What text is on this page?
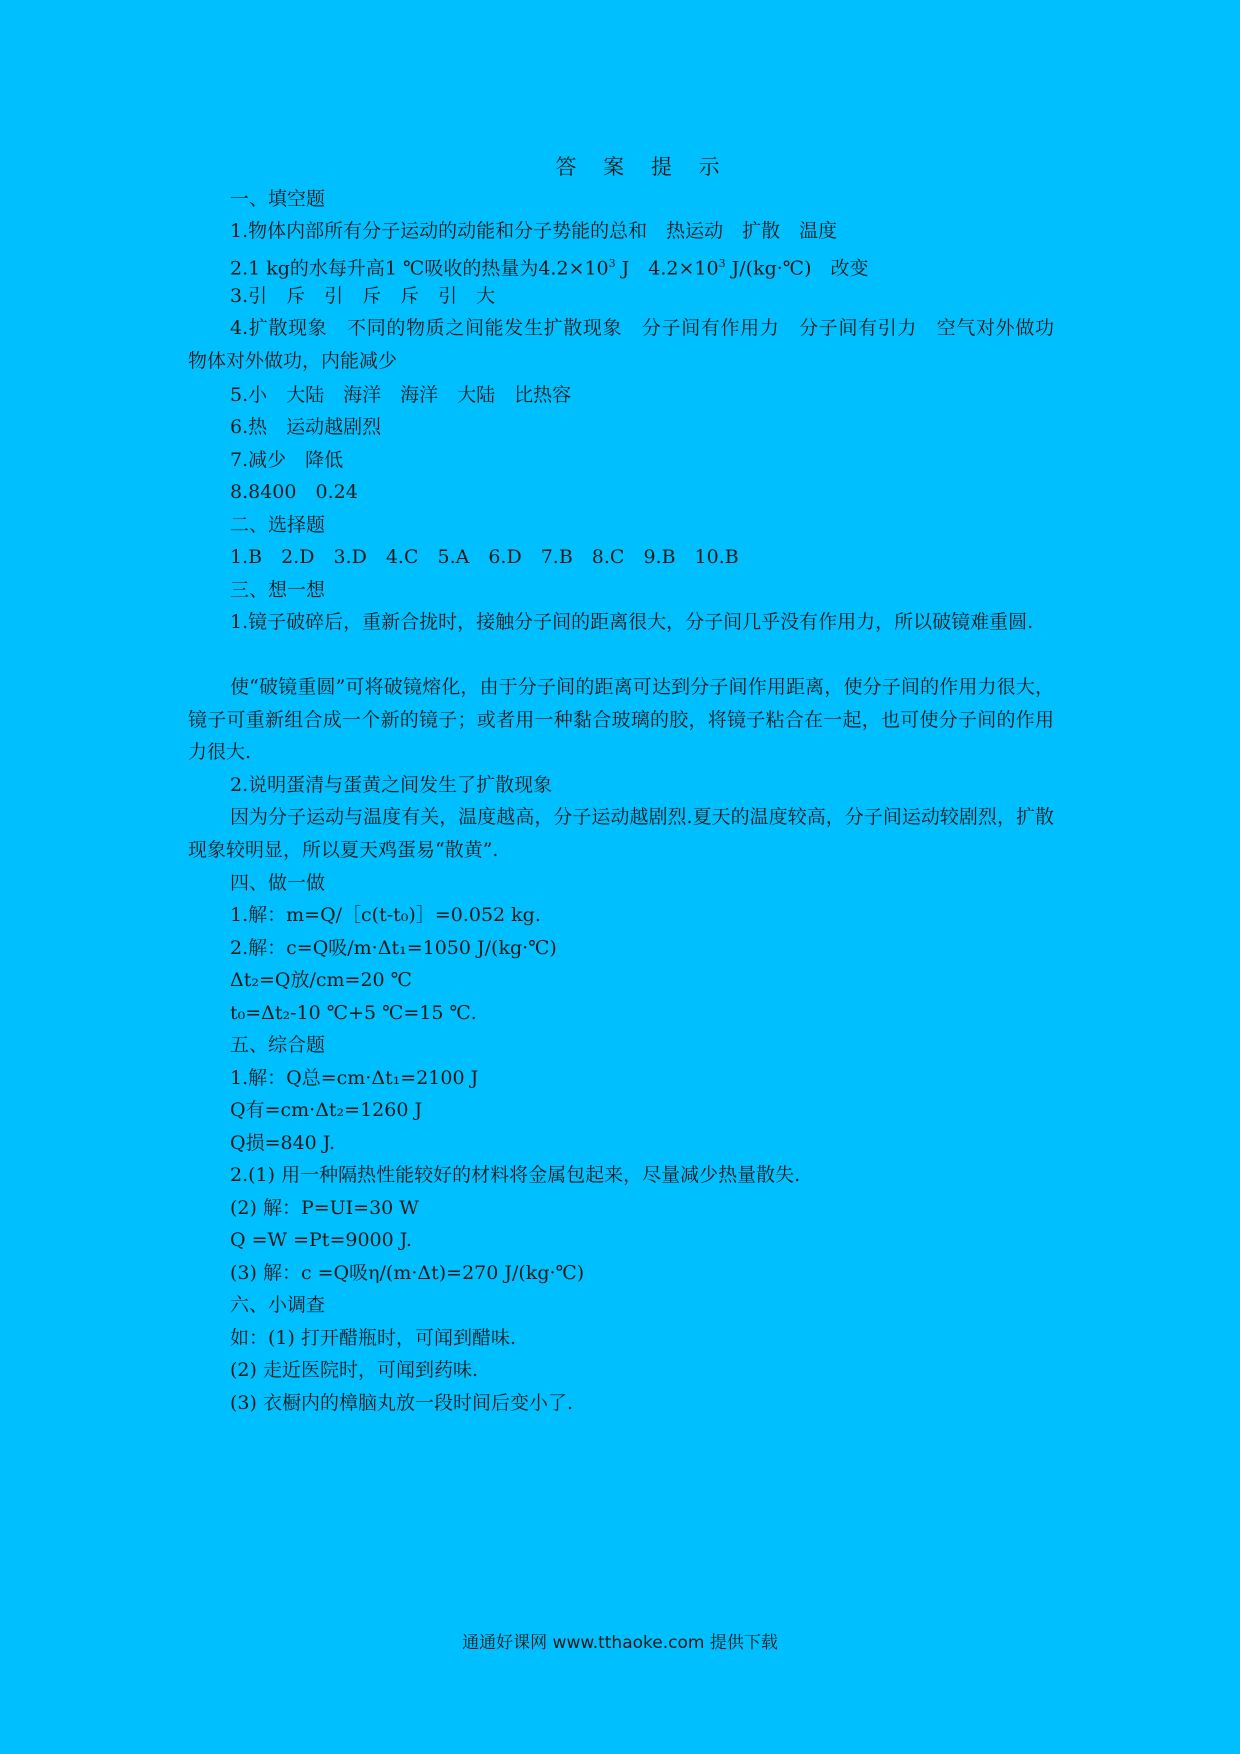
答 案 提 示
一、填空题
1.物体内部所有分子运动的动能和分子势能的总和　热运动　扩散　温度
2.1 kg的水每升高1 ℃吸收的热量为$4.2\times 10^3$ J　$4.2\times 10^3$ J/(kg·℃)　改变
3.引　斥　引　斥　斥　引　大
4.扩散现象　不同的物质之间能发生扩散现象　分子间有作用力　分子间有引力　空气对外做功　物体对外做功，内能减少
5.小　大陆　海洋　海洋　大陆　比热容
6.热　运动越剧烈
7.减少　降低
8.8400　0.24
二、选择题
1.B　2.D　3.D　4.C　5.A　6.D　7.B　8.C　9.B　10.B
三、想一想
1.镜子破碎后，重新合拢时，接触分子间的距离很大，分子间几乎没有作用力，所以破镜难重圆.
使“破镜重圆”可将破镜熔化，由于分子间的距离可达到分子间作用距离，使分子间的作用力很大，镜子可重新组合成一个新的镜子；或者用一种黏合玻璃的胶，将镜子粘合在一起，也可使分子间的作用力很大.
2.说明蛋清与蛋黄之间发生了扩散现象
因为分子运动与温度有关，温度越高，分子运动越剧烈.夏天的温度较高，分子间运动较剧烈，扩散现象较明显，所以夏天鸡蛋易“散黄”.
四、做一做
1.解：m=Q/［c(t-t₀)］=0.052 kg.
2.解：c=Q吸/m·Δt₁=1050 J/(kg·℃)
Δt₂=Q放/cm=20 ℃
t₀=Δt₂-10 ℃+5 ℃=15 ℃.
五、综合题
1.解：Q总=cm·Δt₁=2100 J
Q有=cm·Δt₂=1260 J
Q损=840 J.
2.(1) 用一种隔热性能较好的材料将金属包起来，尽量减少热量散失.
(2) 解：P=UI=30 W
Q =W =Pt=9000 J.
(3) 解：c =Q吸η/(m·Δt)=270 J/(kg·℃)
六、小调查
如：(1) 打开醋瓶时，可闻到醋味.
(2) 走近医院时，可闻到药味.
(3) 衣橱内的樟脑丸放一段时间后变小了.
通通好课网 www.tthaoke.com 提供下载
